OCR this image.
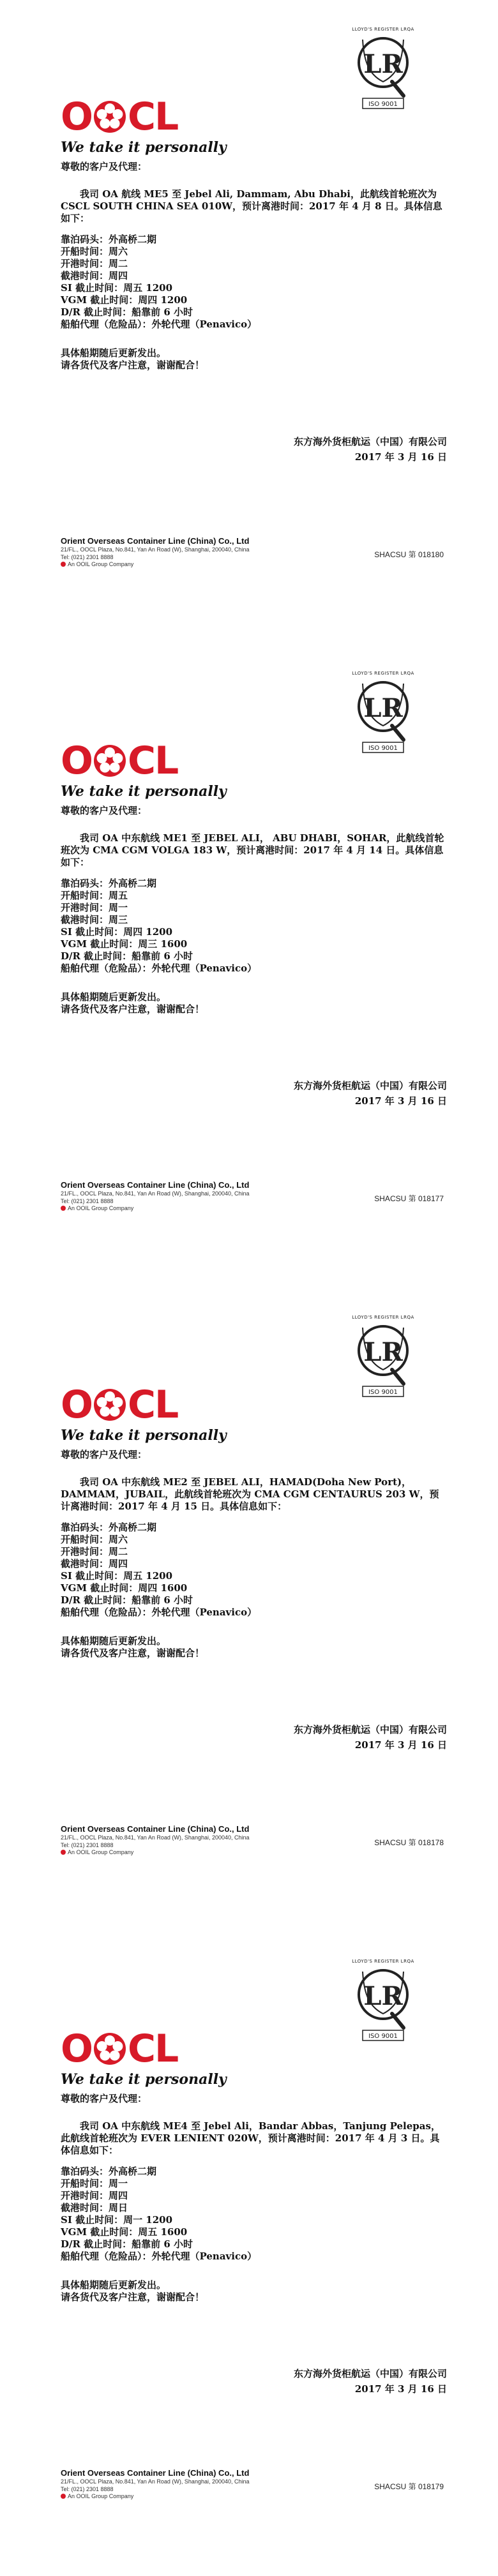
LLOYD'S REGISTER LRQA
LR
ISO 9001
O CL
We take it personally

尊敬的客户及代理：

我司 OA 航线 ME5 至 Jebel Ali, Dammam, Abu Dhabi，此航线首轮班次为 CSCL SOUTH CHINA SEA 010W，预计离港时间：2017 年 4 月 8 日。具体信息如下：

靠泊码头：外高桥二期
开船时间：周六
开港时间：周二
截港时间：周四
SI 截止时间：周五 1200
VGM 截止时间：周四 1200
D/R 截止时间：船靠前 6 小时
船舶代理（危险品）：外轮代理（Penavico）
具体船期随后更新发出。
请各货代及客户注意，谢谢配合！
东方海外货柜航运（中国）有限公司
2017 年 3 月 16 日
Orient Overseas Container Line (China) Co., Ltd
21/FL., OOCL Plaza, No.841, Yan An Road (W), Shanghai, 200040, China
Tel: (021) 2301 8888
An OOIL Group Company
SHACSU 第 018180
LLOYD'S REGISTER LRQA
LR
ISO 9001
O CL
We take it personally

尊敬的客户及代理：

我司 OA 中东航线 ME1 至 JEBEL ALI， ABU DHABI，SOHAR，此航线首轮班次为 CMA CGM VOLGA 183 W，预计离港时间：2017 年 4 月 14 日。具体信息如下：

靠泊码头：外高桥二期
开船时间：周五
开港时间：周一
截港时间：周三
SI 截止时间：周四 1200
VGM 截止时间：周三 1600
D/R 截止时间：船靠前 6 小时
船舶代理（危险品）：外轮代理（Penavico）
具体船期随后更新发出。
请各货代及客户注意，谢谢配合！
东方海外货柜航运（中国）有限公司
2017 年 3 月 16 日
Orient Overseas Container Line (China) Co., Ltd
21/FL., OOCL Plaza, No.841, Yan An Road (W), Shanghai, 200040, China
Tel: (021) 2301 8888
An OOIL Group Company
SHACSU 第 018177
LLOYD'S REGISTER LRQA
LR
ISO 9001
O CL
We take it personally

尊敬的客户及代理：

我司 OA 中东航线 ME2 至 JEBEL ALI，HAMAD(Doha New Port)，DAMMAM，JUBAIL，此航线首轮班次为 CMA CGM CENTAURUS 203 W，预计离港时间：2017 年 4 月 15 日。具体信息如下：

靠泊码头：外高桥二期
开船时间：周六
开港时间：周二
截港时间：周四
SI 截止时间：周五 1200
VGM 截止时间：周四 1600
D/R 截止时间：船靠前 6 小时
船舶代理（危险品）：外轮代理（Penavico）
具体船期随后更新发出。
请各货代及客户注意，谢谢配合！
东方海外货柜航运（中国）有限公司
2017 年 3 月 16 日
Orient Overseas Container Line (China) Co., Ltd
21/FL., OOCL Plaza, No.841, Yan An Road (W), Shanghai, 200040, China
Tel: (021) 2301 8888
An OOIL Group Company
SHACSU 第 018178
LLOYD'S REGISTER LRQA
LR
ISO 9001
O CL
We take it personally

尊敬的客户及代理：

我司 OA 中东航线 ME4 至 Jebel Ali，Bandar Abbas，Tanjung Pelepas，此航线首轮班次为 EVER LENIENT 020W，预计离港时间：2017 年 4 月 3 日。具体信息如下：

靠泊码头：外高桥二期
开船时间：周一
开港时间：周四
截港时间：周日
SI 截止时间：周一 1200
VGM 截止时间：周五 1600
D/R 截止时间：船靠前 6 小时
船舶代理（危险品）：外轮代理（Penavico）
具体船期随后更新发出。
请各货代及客户注意，谢谢配合！
东方海外货柜航运（中国）有限公司
2017 年 3 月 16 日
Orient Overseas Container Line (China) Co., Ltd
21/FL., OOCL Plaza, No.841, Yan An Road (W), Shanghai, 200040, China
Tel: (021) 2301 8888
An OOIL Group Company
SHACSU 第 018179
